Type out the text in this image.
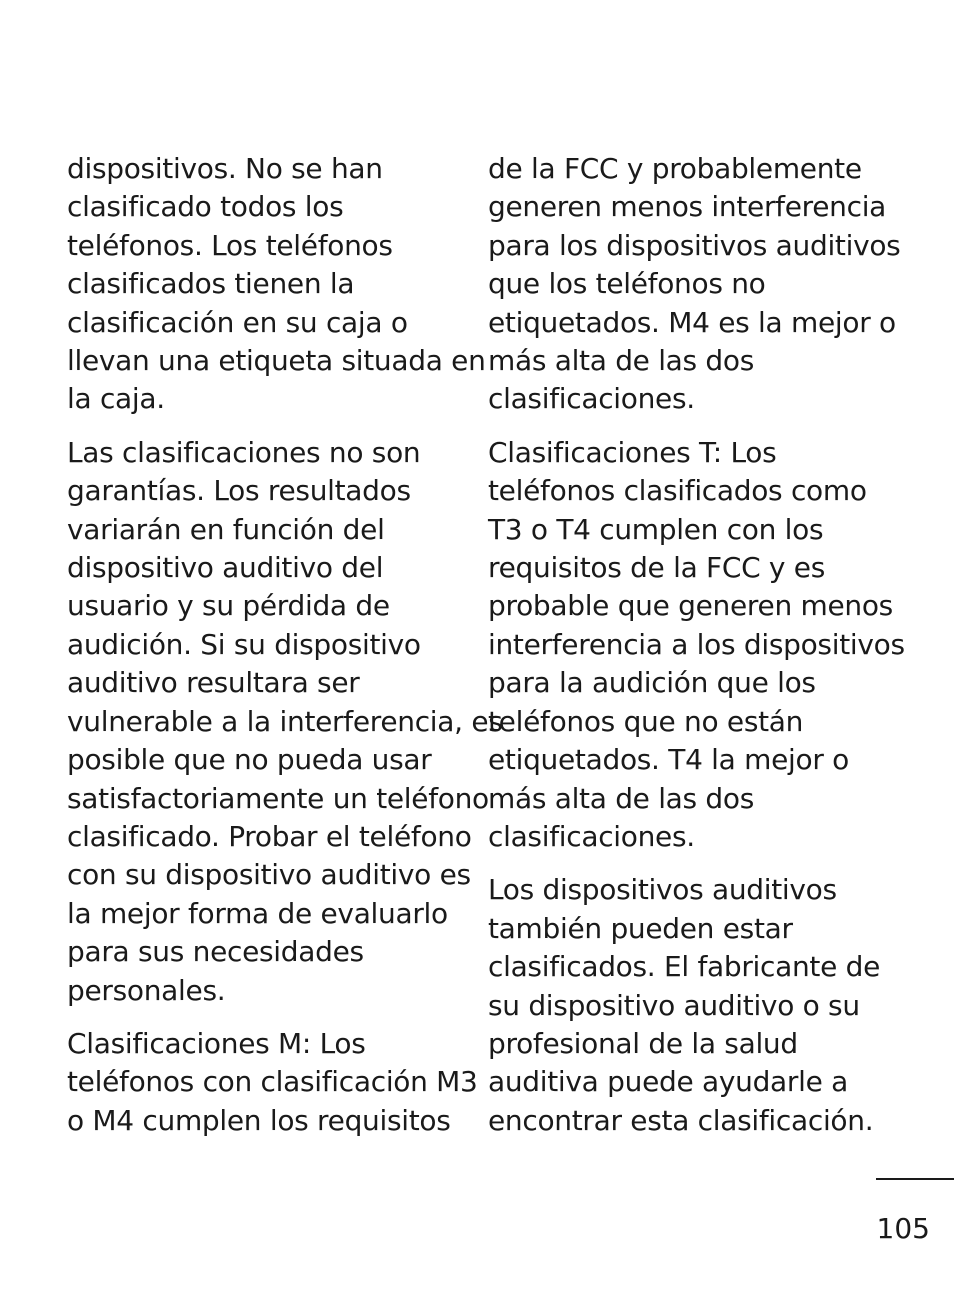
dispositivos. No se han
clasificado todos los
teléfonos. Los teléfonos
clasificados tienen la
clasificación en su caja o
llevan una etiqueta situada en
la caja.

Las clasificaciones no son
garantías. Los resultados
variarán en función del
dispositivo auditivo del
usuario y su pérdida de
audición. Si su dispositivo
auditivo resultara ser
vulnerable a la interferencia, es
posible que no pueda usar
satisfactoriamente un teléfono
clasificado. Probar el teléfono
con su dispositivo auditivo es
la mejor forma de evaluarlo
para sus necesidades
personales.

Clasificaciones M: Los
teléfonos con clasificación M3
o M4 cumplen los requisitos

de la FCC y probablemente
generen menos interferencia
para los dispositivos auditivos
que los teléfonos no
etiquetados. M4 es la mejor o
más alta de las dos
clasificaciones.

Clasificaciones T: Los
teléfonos clasificados como
T3 o T4 cumplen con los
requisitos de la FCC y es
probable que generen menos
interferencia a los dispositivos
para la audición que los
teléfonos que no están
etiquetados. T4 la mejor o
más alta de las dos
clasificaciones.

Los dispositivos auditivos
también pueden estar
clasificados. El fabricante de
su dispositivo auditivo o su
profesional de la salud
auditiva puede ayudarle a
encontrar esta clasificación.

105
